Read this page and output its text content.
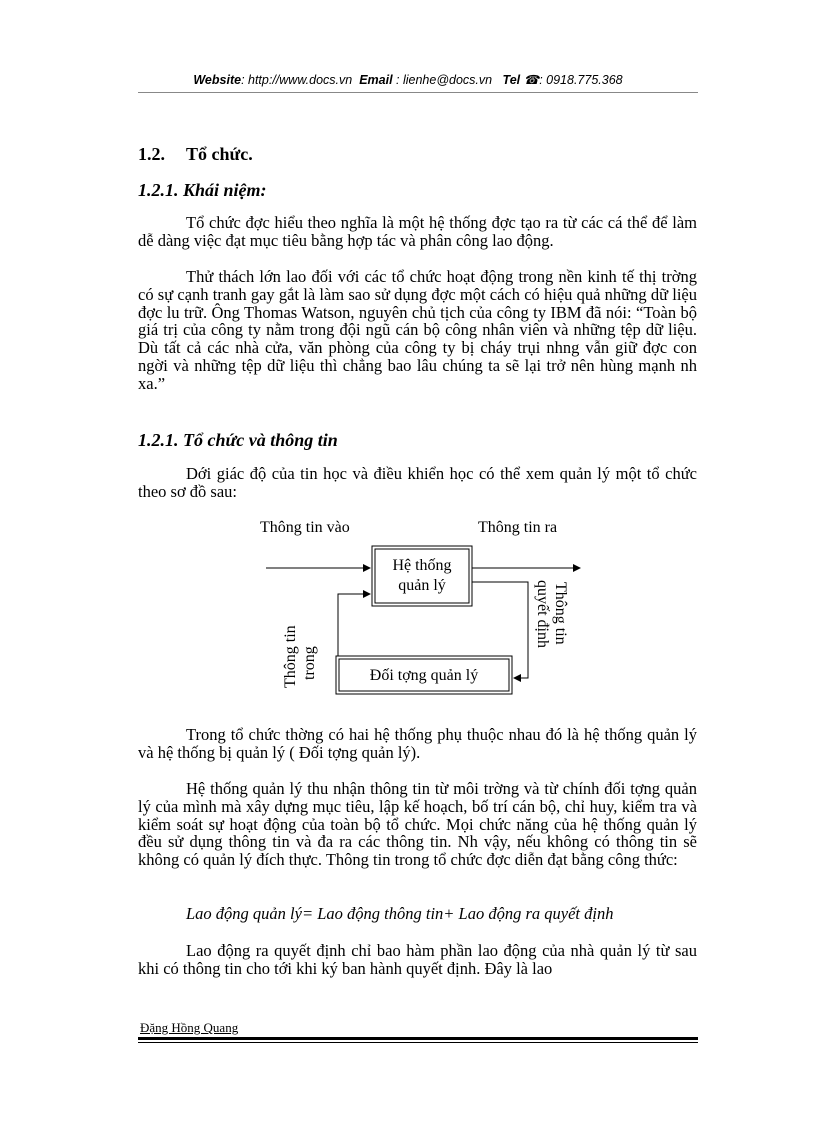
Website: http://www.docs.vn Email : lienhe@docs.vn Tel ☎: 0918.775.368
1.2. Tổ chức.
1.2.1. Khái niệm:

Tổ chức đợc hiểu theo nghĩa là một hệ thống đợc tạo ra từ các cá thể để làm dễ dàng việc đạt mục tiêu bằng hợp tác và phân công lao động.

Thử thách lớn lao đối với các tổ chức hoạt động trong nền kinh tế thị trờng có sự cạnh tranh gay gắt là làm sao sử dụng đợc một cách có hiệu quả những dữ liệu đợc lu trữ. Ông Thomas Watson, nguyên chủ tịch của công ty IBM đã nói: “Toàn bộ giá trị của công ty nằm trong đội ngũ cán bộ công nhân viên và những tệp dữ liệu. Dù tất cả các nhà cửa, văn phòng của công ty bị cháy trụi nhng vẫn giữ đợc con ngời và những tệp dữ liệu thì chẳng bao lâu chúng ta sẽ lại trở nên hùng mạnh nh xa.”

1.2.1. Tổ chức và thông tin

Dới giác độ của tin học và điều khiển học có thể xem quản lý một tổ chức theo sơ đồ sau:

Thông tin vào	Thông tin ra
Hệ thống
quản lý
Đối tợng quản lý
Thông tin trong
Thông tin
quyết định

Trong tổ chức thờng có hai hệ thống phụ thuộc nhau đó là hệ thống quản lý và hệ thống bị quản lý ( Đối tợng quản lý).

Hệ thống quản lý thu nhận thông tin từ môi trờng và từ chính đối tợng quản lý của mình mà xây dựng mục tiêu, lập kế hoạch, bố trí cán bộ, chỉ huy, kiểm tra và kiểm soát sự hoạt động của toàn bộ tổ chức. Mọi chức năng của hệ thống quản lý đều sử dụng thông tin và đa ra các thông tin. Nh vậy, nếu không có thông tin sẽ không có quản lý đích thực. Thông tin trong tổ chức đợc diễn đạt bằng công thức:

Lao động quản lý= Lao động thông tin+ Lao động ra quyết định

Lao động ra quyết định chỉ bao hàm phần lao động của nhà quản lý từ sau khi có thông tin cho tới khi ký ban hành quyết định. Đây là lao

Đặng Hồng Quang
